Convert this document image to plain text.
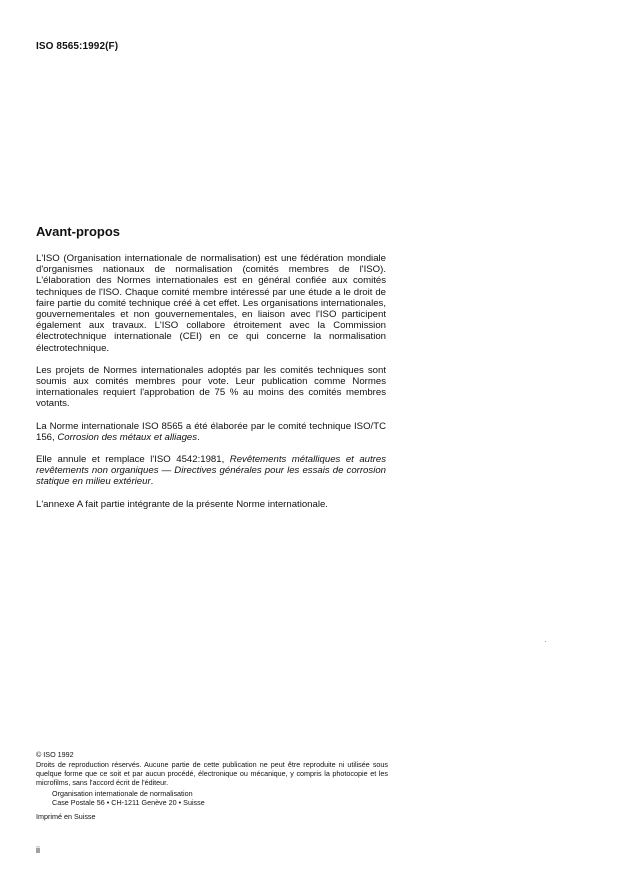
ISO 8565:1992(F)
Avant-propos

L'ISO (Organisation internationale de normalisation) est une fédération mondiale d'organismes nationaux de normalisation (comités membres de l'ISO). L'élaboration des Normes internationales est en général confiée aux comités techniques de l'ISO. Chaque comité membre intéressé par une étude a le droit de faire partie du comité technique créé à cet effet. Les organisations internationales, gouvernementales et non gouvernementales, en liaison avec l'ISO participent également aux travaux. L'ISO collabore étroitement avec la Commission électrotechnique internationale (CEI) en ce qui concerne la normalisation électrotechnique.

Les projets de Normes internationales adoptés par les comités techniques sont soumis aux comités membres pour vote. Leur publication comme Normes internationales requiert l'approbation de 75 % au moins des comités membres votants.

La Norme internationale ISO 8565 a été élaborée par le comité technique ISO/TC 156, Corrosion des métaux et alliages.

Elle annule et remplace l'ISO 4542:1981, Revêtements métalliques et autres revêtements non organiques — Directives générales pour les essais de corrosion statique en milieu extérieur.

L'annexe A fait partie intégrante de la présente Norme internationale.

© ISO 1992
Droits de reproduction réservés. Aucune partie de cette publication ne peut être reproduite ni utilisée sous quelque forme que ce soit et par aucun procédé, électronique ou mécanique, y compris la photocopie et les microfilms, sans l'accord écrit de l'éditeur.
Organisation internationale de normalisation
Case Postale 56 • CH-1211 Genève 20 • Suisse
Imprimé en Suisse
ii
